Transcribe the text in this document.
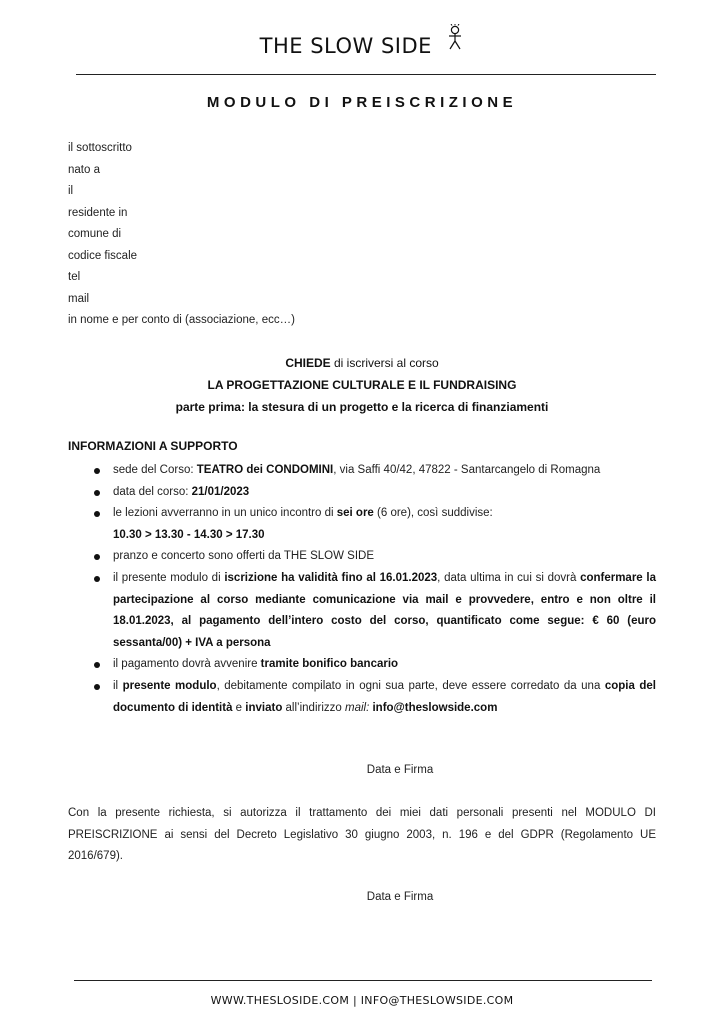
THE SLOW SIDE
MODULO DI PREISCRIZIONE
il sottoscritto
nato a
il
residente in
comune di
codice fiscale
tel
mail
in nome e per conto di (associazione, ecc…)
CHIEDE di iscriversi al corso
LA PROGETTAZIONE CULTURALE E IL FUNDRAISING
parte prima: la stesura di un progetto e la ricerca di finanziamenti
INFORMAZIONI A SUPPORTO
sede del Corso: TEATRO dei CONDOMINI, via Saffi 40/42, 47822 - Santarcangelo di Romagna
data del corso: 21/01/2023
le lezioni avverranno in un unico incontro di sei ore (6 ore), così suddivise:
10.30 > 13.30 - 14.30 > 17.30
pranzo e concerto sono offerti da THE SLOW SIDE
il presente modulo di iscrizione ha validità fino al 16.01.2023, data ultima in cui si dovrà confermare la partecipazione al corso mediante comunicazione via mail e provvedere, entro e non oltre il 18.01.2023, al pagamento dell’intero costo del corso, quantificato come segue: € 60 (euro sessanta/00) + IVA a persona
il pagamento dovrà avvenire tramite bonifico bancario
il presente modulo, debitamente compilato in ogni sua parte, deve essere corredato da una copia del documento di identità e inviato all’indirizzo mail: info@theslowside.com
Data e Firma

Con la presente richiesta, si autorizza il trattamento dei miei dati personali presenti nel MODULO DI PREISCRIZIONE ai sensi del Decreto Legislativo 30 giugno 2003, n. 196 e del GDPR (Regolamento UE 2016/679).

Data e Firma
WWW.THESLOSIDE.COM | INFO@THESLOWSIDE.COM
